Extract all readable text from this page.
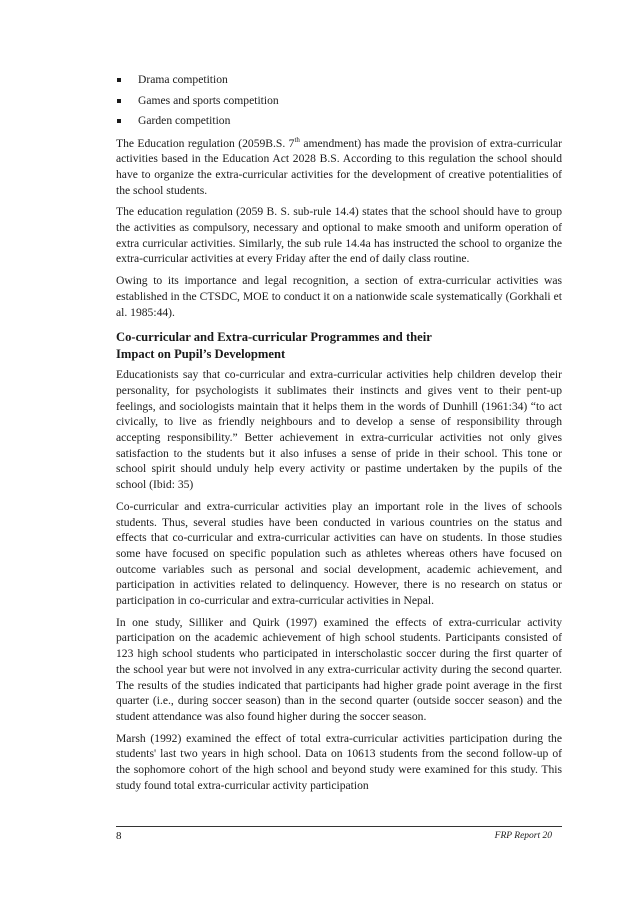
Drama competition
Games and sports competition
Garden competition

The Education regulation (2059B.S. 7th amendment) has made the provision of extra-curricular activities based in the Education Act 2028 B.S. According to this regulation the school should have to organize the extra-curricular activities for the development of creative potentialities of the school students.

The education regulation (2059 B. S. sub-rule 14.4) states that the school should have to group the activities as compulsory, necessary and optional to make smooth and uniform operation of extra curricular activities. Similarly, the sub rule 14.4a has instructed the school to organize the extra-curricular activities at every Friday after the end of daily class routine.

Owing to its importance and legal recognition, a section of extra-curricular activities was established in the CTSDC, MOE to conduct it on a nationwide scale systematically (Gorkhali et al. 1985:44).

Co-curricular and Extra-curricular Programmes and their
Impact on Pupil’s Development

Educationists say that co-curricular and extra-curricular activities help children develop their personality, for psychologists it sublimates their instincts and gives vent to their pent-up feelings, and sociologists maintain that it helps them in the words of Dunhill (1961:34) “to act civically, to live as friendly neighbours and to develop a sense of responsibility through accepting responsibility.” Better achievement in extra-curricular activities not only gives satisfaction to the students but it also infuses a sense of pride in their school. This tone or school spirit should unduly help every activity or pastime undertaken by the pupils of the school (Ibid: 35)

Co-curricular and extra-curricular activities play an important role in the lives of schools students. Thus, several studies have been conducted in various countries on the status and effects that co-curricular and extra-curricular activities can have on students. In those studies some have focused on specific population such as athletes whereas others have focused on outcome variables such as personal and social development, academic achievement, and participation in activities related to delinquency. However, there is no research on status or participation in co-curricular and extra-curricular activities in Nepal.

In one study, Silliker and Quirk (1997) examined the effects of extra-curricular activity participation on the academic achievement of high school students. Participants consisted of 123 high school students who participated in interscholastic soccer during the first quarter of the school year but were not involved in any extra-curricular activity during the second quarter. The results of the studies indicated that participants had higher grade point average in the first quarter (i.e., during soccer season) than in the second quarter (outside soccer season) and the student attendance was also found higher during the soccer season.

Marsh (1992) examined the effect of total extra-curricular activities participation during the students' last two years in high school. Data on 10613 students from the second follow-up of the sophomore cohort of the high school and beyond study were examined for this study. This study found total extra-curricular activity participation

8	FRP Report 20
